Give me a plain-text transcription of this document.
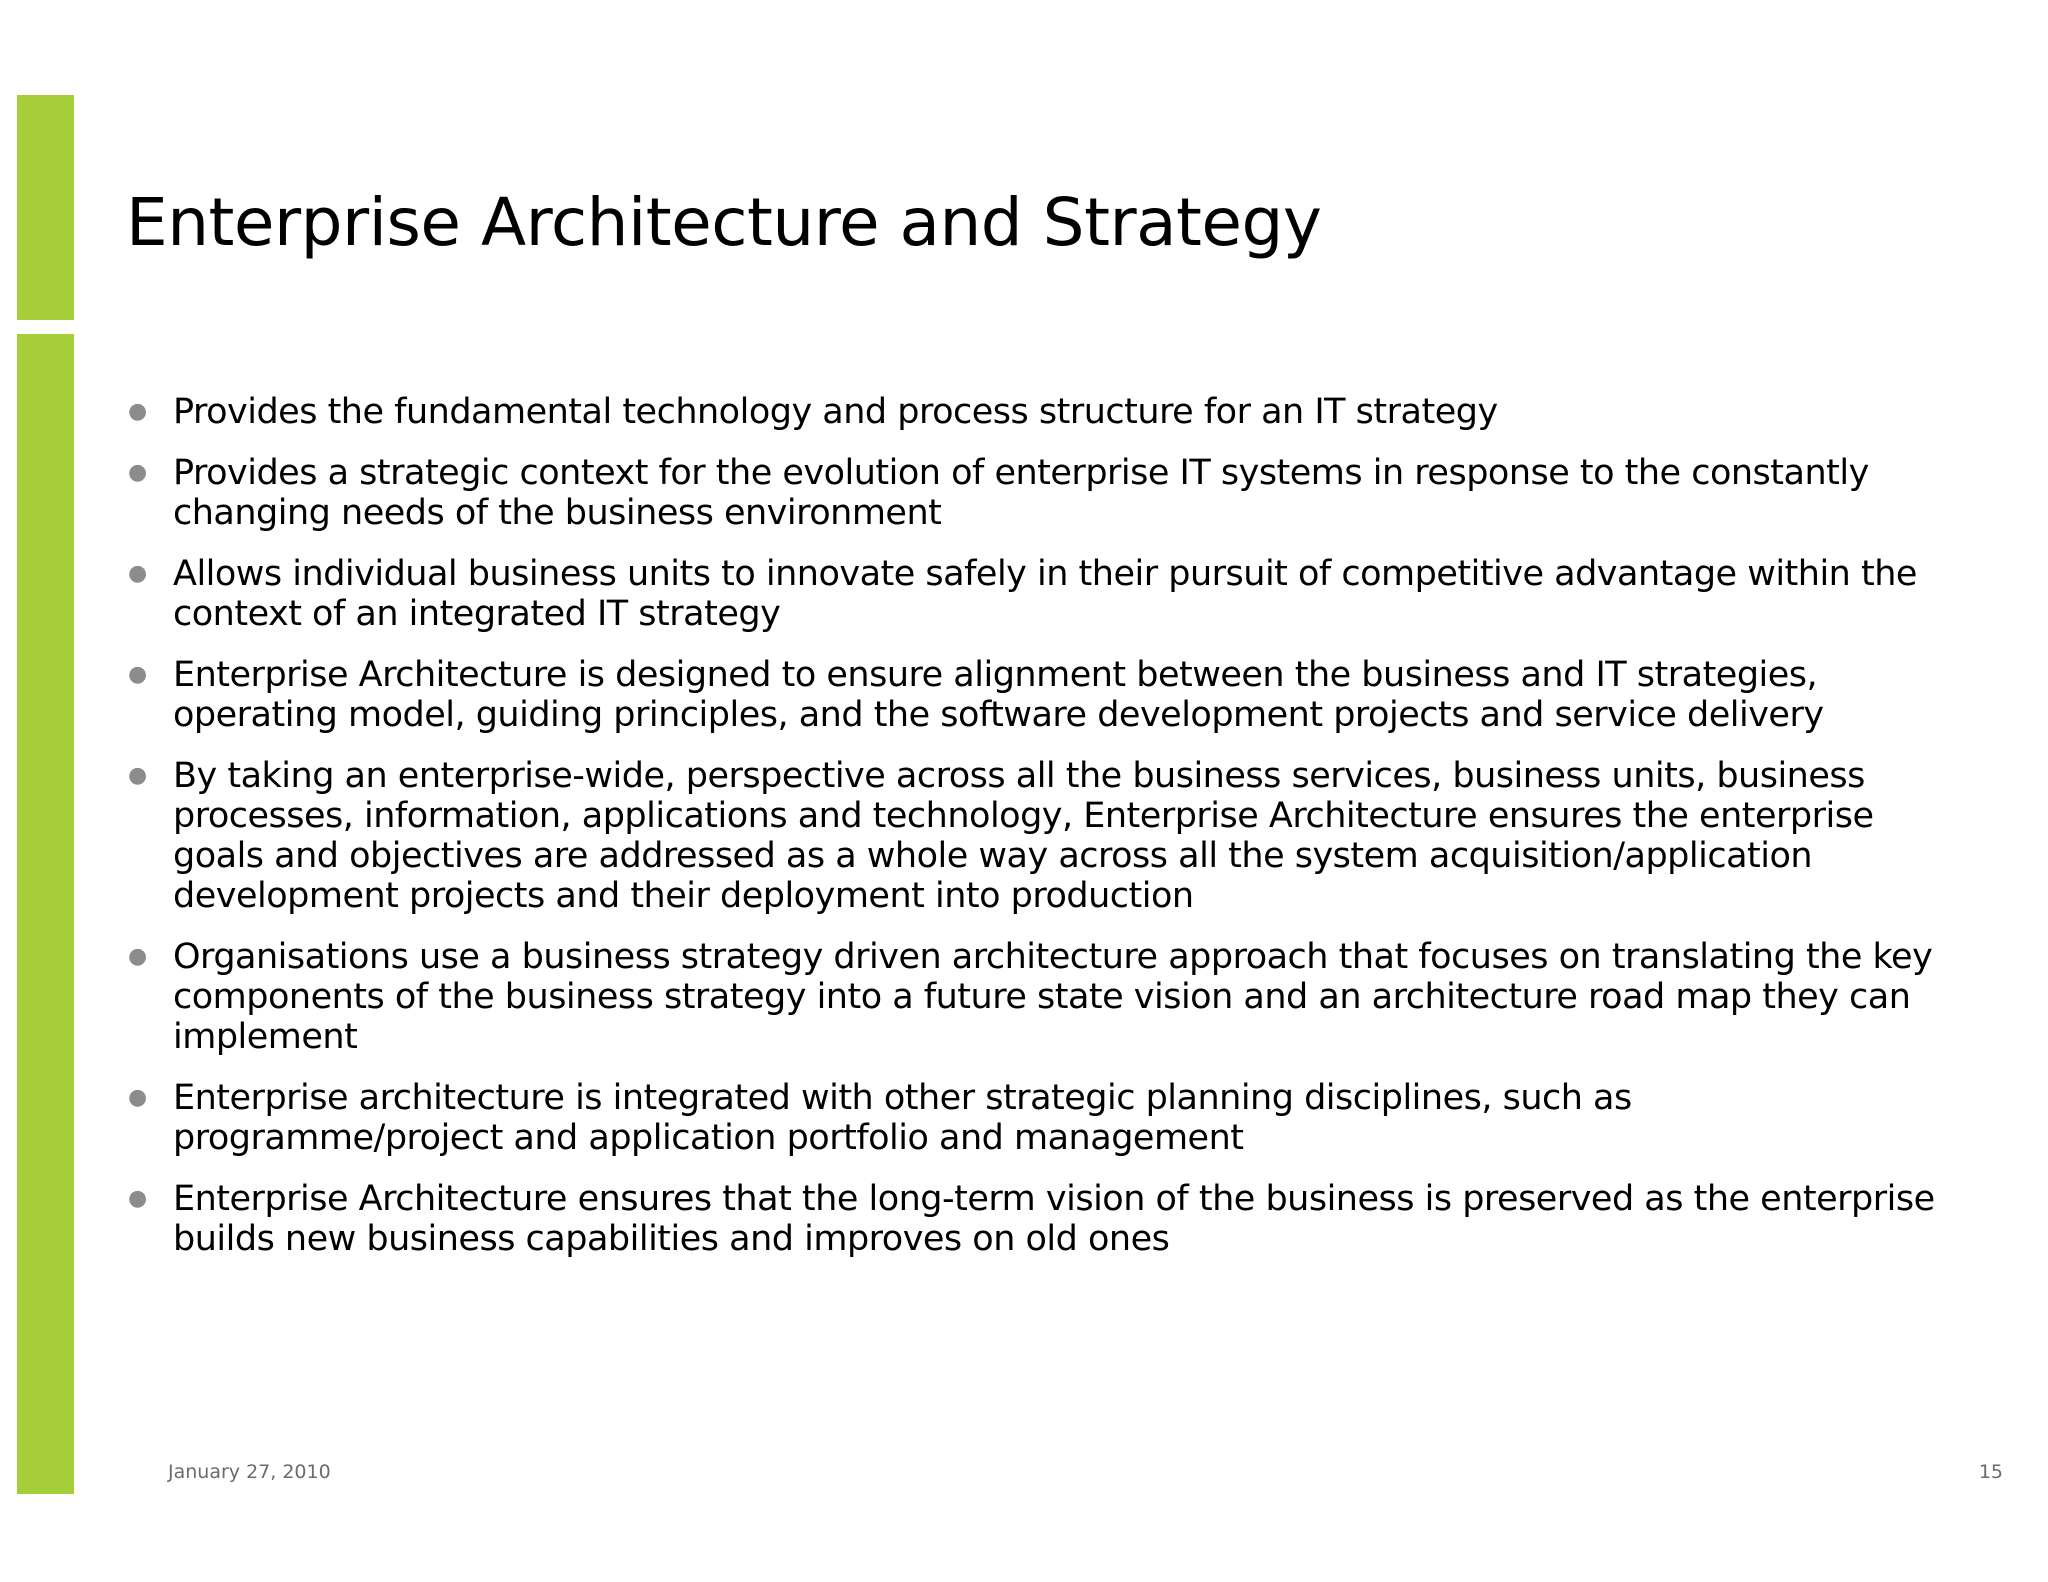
Enterprise Architecture and Strategy
● Provides the fundamental technology and process structure for an IT strategy
● Provides a strategic context for the evolution of enterprise IT systems in response to the constantly changing needs of the business environment
● Allows individual business units to innovate safely in their pursuit of competitive advantage within the context of an integrated IT strategy
● Enterprise Architecture is designed to ensure alignment between the business and IT strategies, operating model, guiding principles, and the software development projects and service delivery
● By taking an enterprise-wide, perspective across all the business services, business units, business processes, information, applications and technology, Enterprise Architecture ensures the enterprise goals and objectives are addressed as a whole way across all the system acquisition/application development projects and their deployment into production
● Organisations use a business strategy driven architecture approach that focuses on translating the key components of the business strategy into a future state vision and an architecture road map they can implement
● Enterprise architecture is integrated with other strategic planning disciplines, such as programme/project and application portfolio and management
● Enterprise Architecture ensures that the long-term vision of the business is preserved as the enterprise builds new business capabilities and improves on old ones
January 27, 2010	15
